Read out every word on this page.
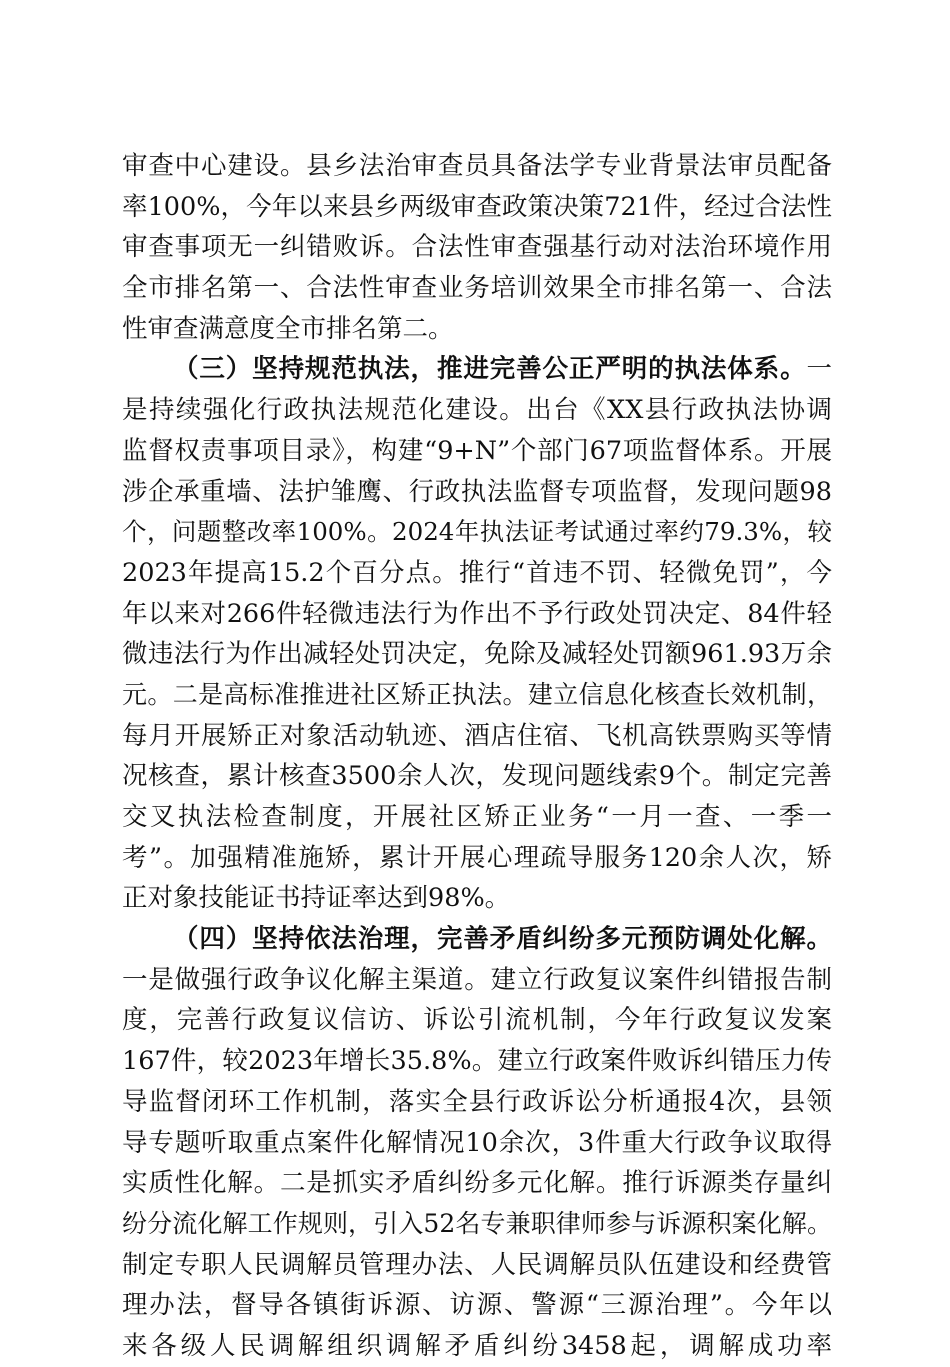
审查中心建设。县乡法治审查员具备法学专业背景法审员配备
率100%，今年以来县乡两级审查政策决策721件，经过合法性
审查事项无一纠错败诉。合法性审查强基行动对法治环境作用
全市排名第一、合法性审查业务培训效果全市排名第一、合法
性审查满意度全市排名第二。
（三）坚持规范执法，推进完善公正严明的执法体系。一
是持续强化行政执法规范化建设。出台《XX县行政执法协调
监督权责事项目录》，构建“9+N”个部门67项监督体系。开展
涉企承重墙、法护雏鹰、行政执法监督专项监督，发现问题98
个，问题整改率100%。2024年执法证考试通过率约79.3%，较
2023年提高15.2个百分点。推行“首违不罚、轻微免罚”，今
年以来对266件轻微违法行为作出不予行政处罚决定、84件轻
微违法行为作出减轻处罚决定，免除及减轻处罚额961.93万余
元。二是高标准推进社区矫正执法。建立信息化核查长效机制，
每月开展矫正对象活动轨迹、酒店住宿、飞机高铁票购买等情
况核查，累计核查3500余人次，发现问题线索9个。制定完善
交叉执法检查制度，开展社区矫正业务“一月一查、一季一
考”。加强精准施矫，累计开展心理疏导服务120余人次，矫
正对象技能证书持证率达到98%。
（四）坚持依法治理，完善矛盾纠纷多元预防调处化解。
一是做强行政争议化解主渠道。建立行政复议案件纠错报告制
度，完善行政复议信访、诉讼引流机制，今年行政复议发案
167件，较2023年增长35.8%。建立行政案件败诉纠错压力传
导监督闭环工作机制，落实全县行政诉讼分析通报4次，县领
导专题听取重点案件化解情况10余次，3件重大行政争议取得
实质性化解。二是抓实矛盾纠纷多元化解。推行诉源类存量纠
纷分流化解工作规则，引入52名专兼职律师参与诉源积案化解。
制定专职人民调解员管理办法、人民调解员队伍建设和经费管
理办法，督导各镇街诉源、访源、警源“三源治理”。今年以
来各级人民调解组织调解矛盾纠纷3458起，调解成功率
